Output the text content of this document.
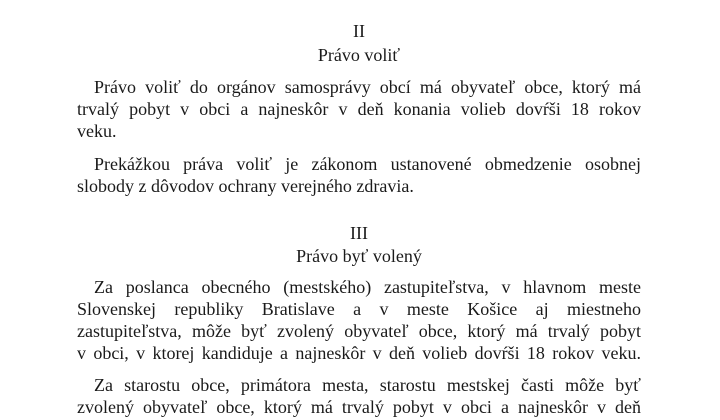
II

Právo voliť

Právo voliť do orgánov samosprávy obcí má obyvateľ obce, ktorý má
trvalý pobyt v obci a najneskôr v deň konania volieb dovŕši 18 rokov
veku.
Prekážkou práva voliť je zákonom ustanovené obmedzenie osobnej
slobody z dôvodov ochrany verejného zdravia.

III

Právo byť volený

Za poslanca obecného (mestského) zastupiteľstva, v hlavnom meste
Slovenskej republiky Bratislave a v meste Košice aj miestneho
zastupiteľstva, môže byť zvolený obyvateľ obce, ktorý má trvalý pobyt
v obci, v ktorej kandiduje a najneskôr v deň volieb dovŕši 18 rokov veku.
Za starostu obce, primátora mesta, starostu mestskej časti môže byť
zvolený obyvateľ obce, ktorý má trvalý pobyt v obci a najneskôr v deň
